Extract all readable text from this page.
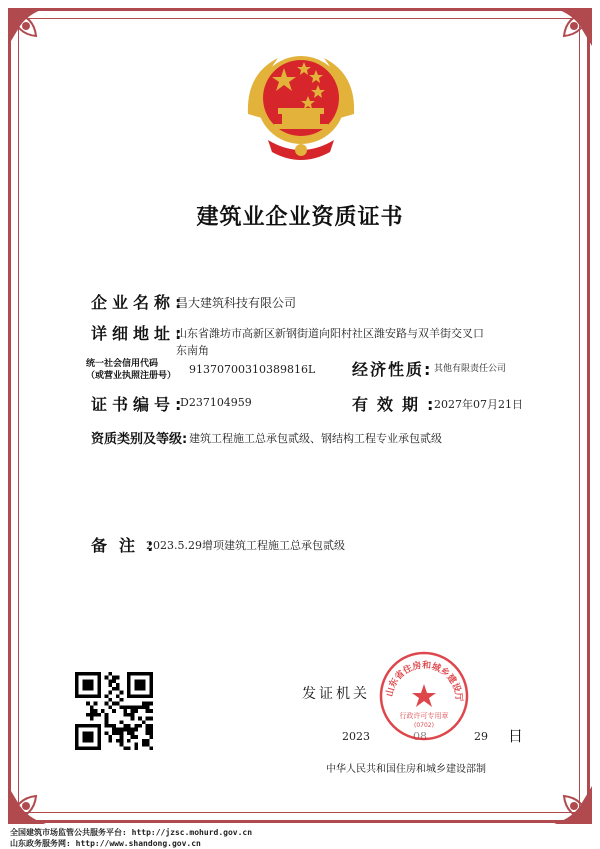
建筑业企业资质证书
企业名称:
昌大建筑科技有限公司
详细地址:
山东省潍坊市高新区新钢街道向阳村社区潍安路与双羊街交叉口东南角
统一社会信用代码
（或营业执照注册号） 91370700310389816L 经济性质: 其他有限责任公司
证书编号:
D237104959	有效期:
2027年07月21日
资质类别及等级: 建筑工程施工总承包贰级、钢结构工程专业承包贰级
备注:
2023.5.29增项建筑工程施工总承包贰级
发证机关
2023	08	29 日
山东省住房和城乡建设厅
行政许可专用章
(0702)
中华人民共和国住房和城乡建设部制
全国建筑市场监管公共服务平台: http://jzsc.mohurd.gov.cn
山东政务服务网: http://www.shandong.gov.cn
